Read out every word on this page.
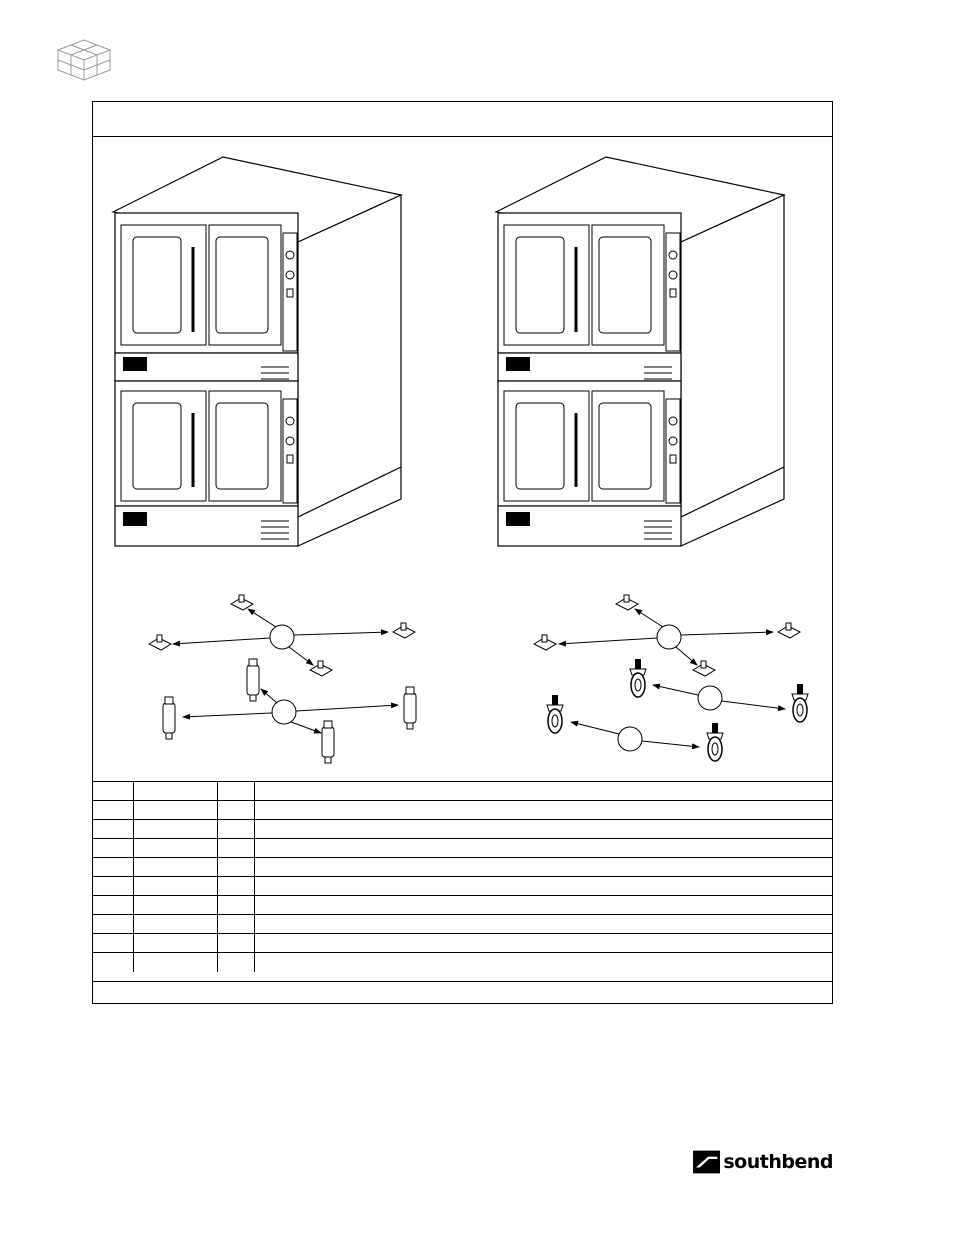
southbend
